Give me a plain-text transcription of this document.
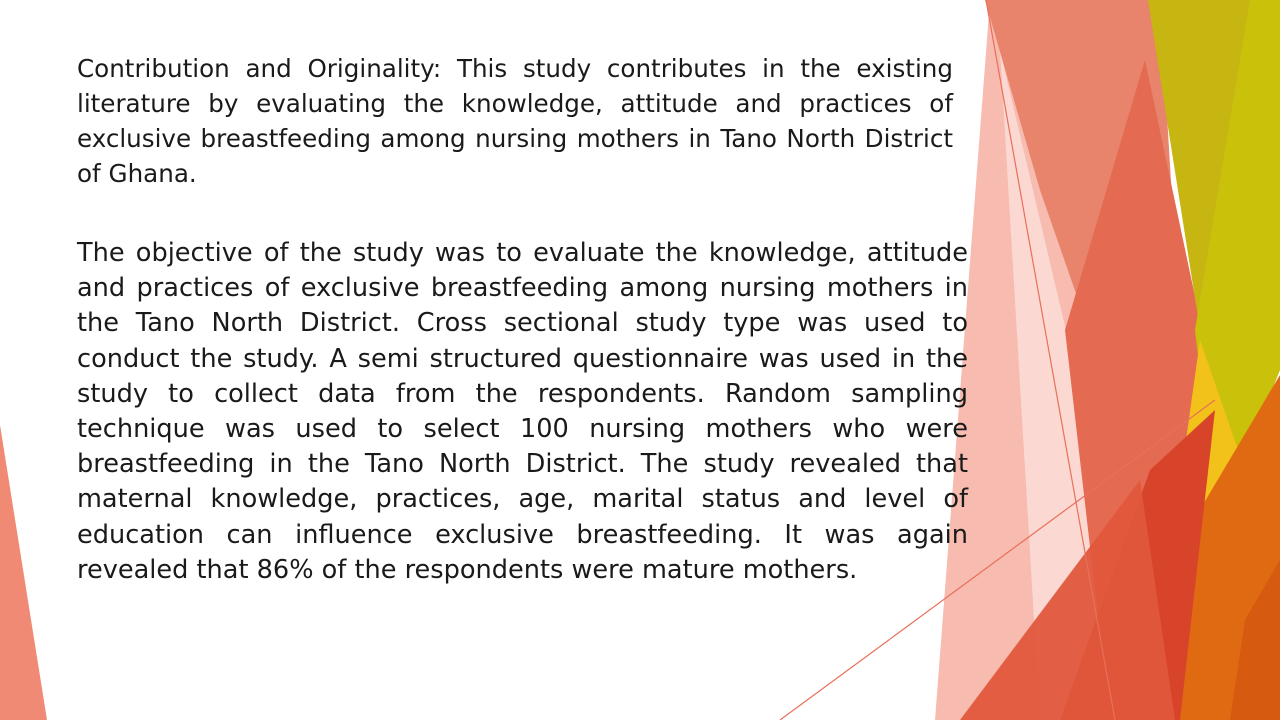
Contribution and Originality: This study contributes in the existing literature by evaluating the knowledge, attitude and practices of exclusive breastfeeding among nursing mothers in Tano North District of Ghana.

The objective of the study was to evaluate the knowledge, attitude and practices of exclusive breastfeeding among nursing mothers in the Tano North District. Cross sectional study type was used to conduct the study. A semi structured questionnaire was used in the study to collect data from the respondents. Random sampling technique was used to select 100 nursing mothers who were breastfeeding in the Tano North District. The study revealed that maternal knowledge, practices, age, marital status and level of education can influence exclusive breastfeeding. It was again revealed that 86% of the respondents were mature mothers.
